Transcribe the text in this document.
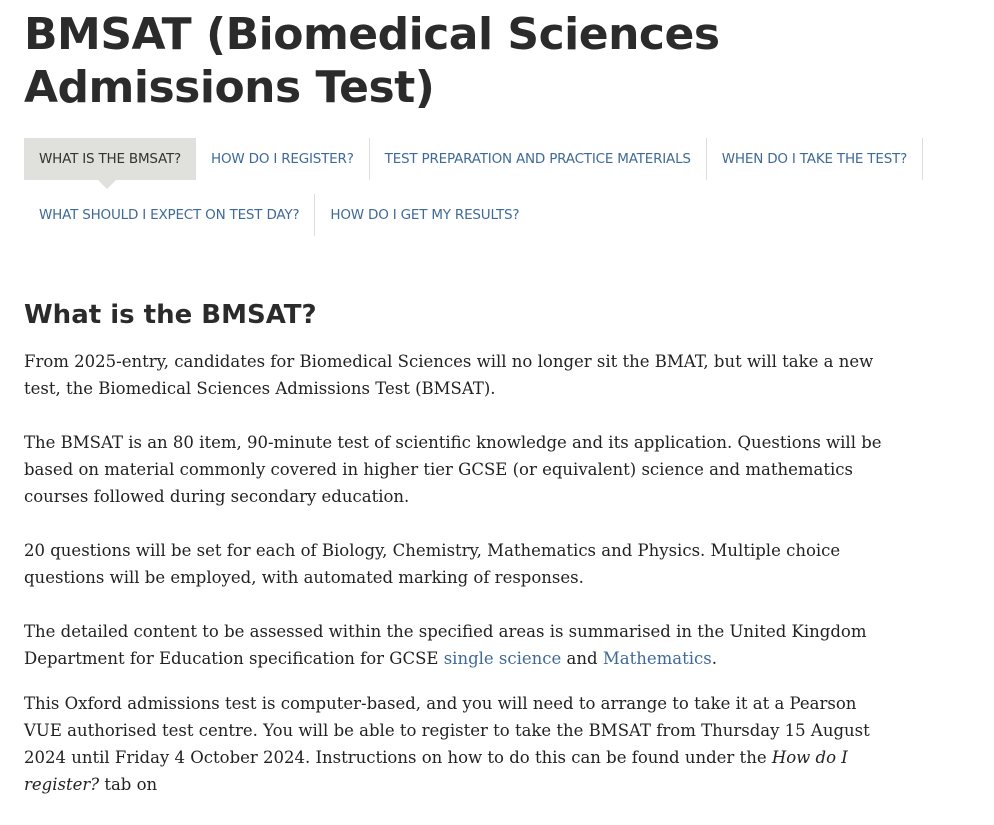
BMSAT (Biomedical Sciences Admissions Test)
WHAT IS THE BMSAT?	HOW DO I REGISTER?	TEST PREPARATION AND PRACTICE MATERIALS	WHEN DO I TAKE THE TEST?
WHAT SHOULD I EXPECT ON TEST DAY?	HOW DO I GET MY RESULTS?
What is the BMSAT?

From 2025-entry, candidates for Biomedical Sciences will no longer sit the BMAT, but will take a new test, the Biomedical Sciences Admissions Test (BMSAT).

The BMSAT is an 80 item, 90-minute test of scientific knowledge and its application. Questions will be based on material commonly covered in higher tier GCSE (or equivalent) science and mathematics courses followed during secondary education.

20 questions will be set for each of Biology, Chemistry, Mathematics and Physics. Multiple choice questions will be employed, with automated marking of responses.

The detailed content to be assessed within the specified areas is summarised in the United Kingdom Department for Education specification for GCSE single science and Mathematics.

This Oxford admissions test is computer-based, and you will need to arrange to take it at a Pearson VUE authorised test centre. You will be able to register to take the BMSAT from Thursday 15 August 2024 until Friday 4 October 2024. Instructions on how to do this can be found under the How do I register? tab on
